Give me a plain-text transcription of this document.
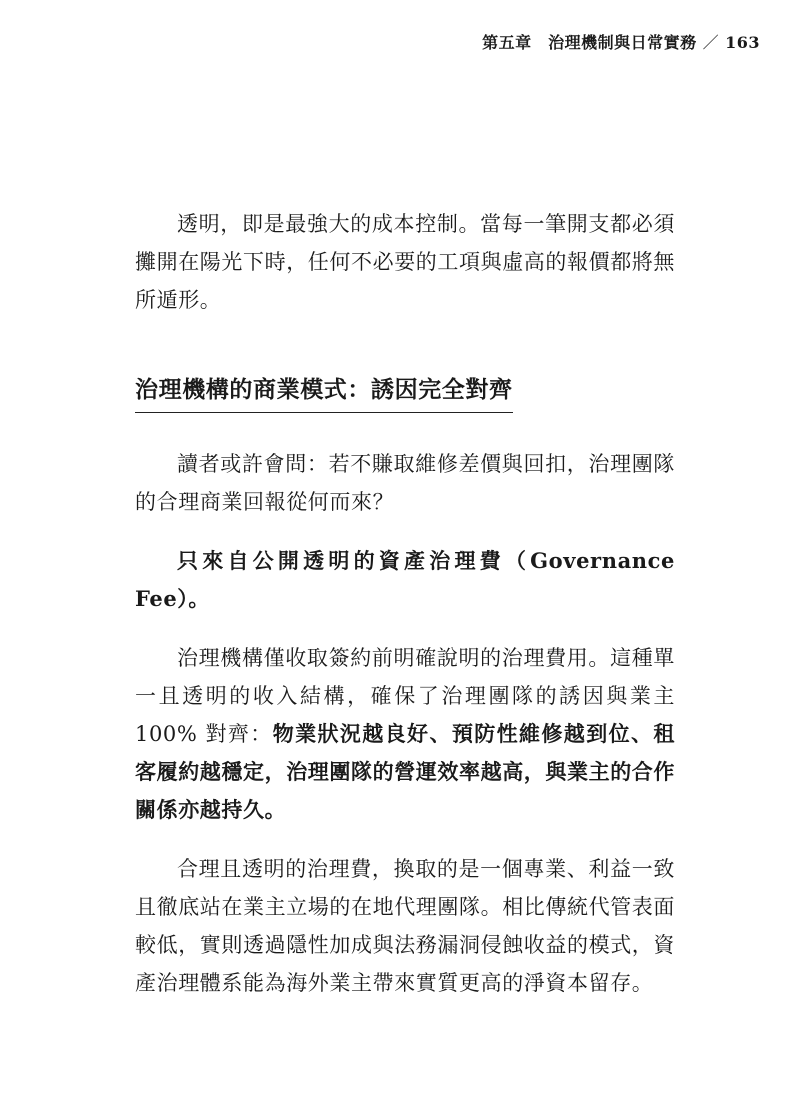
第五章　治理機制與日常實務 ／ 163

透明，即是最強大的成本控制。當每一筆開支都必須攤開在陽光下時，任何不必要的工項與虛高的報價都將無所遁形。

治理機構的商業模式：誘因完全對齊

讀者或許會問：若不賺取維修差價與回扣，治理團隊的合理商業回報從何而來？

只來自公開透明的資產治理費（Governance Fee）。

治理機構僅收取簽約前明確說明的治理費用。這種單一且透明的收入結構，確保了治理團隊的誘因與業主 100% 對齊：物業狀況越良好、預防性維修越到位、租客履約越穩定，治理團隊的營運效率越高，與業主的合作關係亦越持久。

合理且透明的治理費，換取的是一個專業、利益一致且徹底站在業主立場的在地代理團隊。相比傳統代管表面較低，實則透過隱性加成與法務漏洞侵蝕收益的模式，資產治理體系能為海外業主帶來實質更高的淨資本留存。
